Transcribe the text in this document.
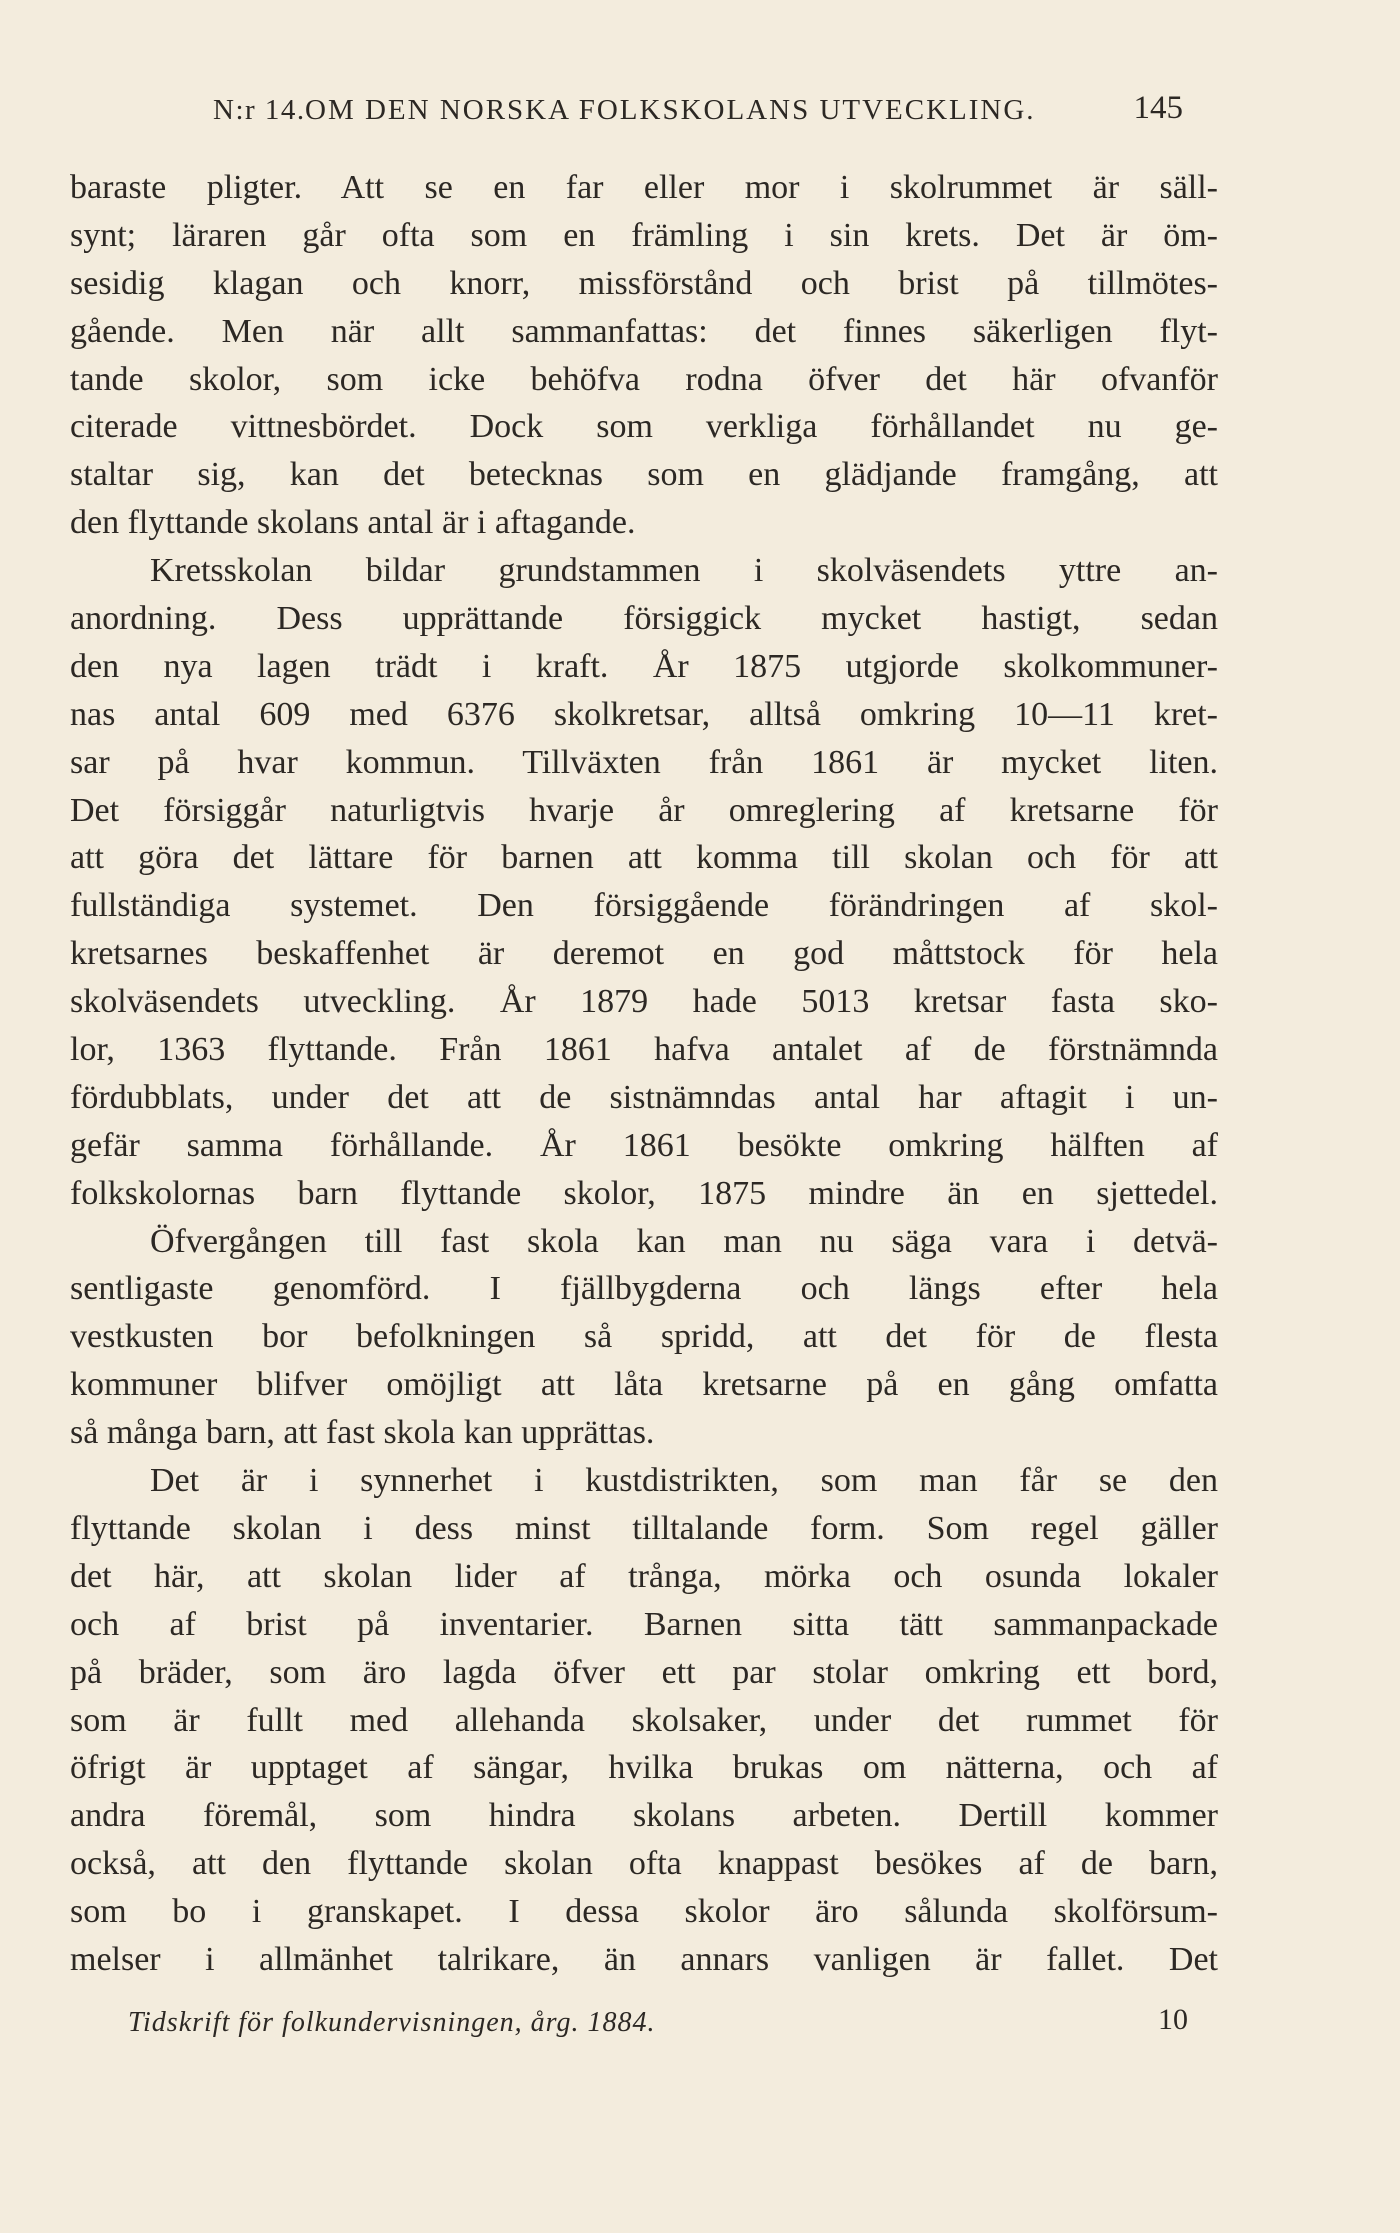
N:r 14. OM DEN NORSKA FOLKSKOLANS UTVECKLING.	145
baraste pligter. Att se en far eller mor i skolrummet är säll-
synt; läraren går ofta som en främling i sin krets. Det är öm-
sesidig klagan och knorr, missförstånd och brist på tillmötes-
gående. Men när allt sammanfattas: det finnes säkerligen flyt-
tande skolor, som icke behöfva rodna öfver det här ofvanför
citerade vittnesbördet. Dock som verkliga förhållandet nu ge-
staltar sig, kan det betecknas som en glädjande framgång, att
den flyttande skolans antal är i aftagande.
Kretsskolan bildar grundstammen i skolväsendets yttre an-
anordning. Dess upprättande försiggick mycket hastigt, sedan
den nya lagen trädt i kraft. År 1875 utgjorde skolkommuner-
nas antal 609 med 6376 skolkretsar, alltså omkring 10—11 kret-
sar på hvar kommun. Tillväxten från 1861 är mycket liten.
Det försiggår naturligtvis hvarje år omreglering af kretsarne för
att göra det lättare för barnen att komma till skolan och för att
fullständiga systemet. Den försiggående förändringen af skol-
kretsarnes beskaffenhet är deremot en god måttstock för hela
skolväsendets utveckling. År 1879 hade 5013 kretsar fasta sko-
lor, 1363 flyttande. Från 1861 hafva antalet af de förstnämnda
fördubblats, under det att de sistnämndas antal har aftagit i un-
gefär samma förhållande. År 1861 besökte omkring hälften af
folkskolornas barn flyttande skolor, 1875 mindre än en sjettedel.
Öfvergången till fast skola kan man nu säga vara i detvä-
sentligaste genomförd. I fjällbygderna och längs efter hela
vestkusten bor befolkningen så spridd, att det för de flesta
kommuner blifver omöjligt att låta kretsarne på en gång omfatta
så många barn, att fast skola kan upprättas.
Det är i synnerhet i kustdistrikten, som man får se den
flyttande skolan i dess minst tilltalande form. Som regel gäller
det här, att skolan lider af trånga, mörka och osunda lokaler
och af brist på inventarier. Barnen sitta tätt sammanpackade
på bräder, som äro lagda öfver ett par stolar omkring ett bord,
som är fullt med allehanda skolsaker, under det rummet för
öfrigt är upptaget af sängar, hvilka brukas om nätterna, och af
andra föremål, som hindra skolans arbeten. Dertill kommer
också, att den flyttande skolan ofta knappast besökes af de barn,
som bo i granskapet. I dessa skolor äro sålunda skolförsum-
melser i allmänhet talrikare, än annars vanligen är fallet. Det
Tidskrift för folkundervisningen, årg. 1884.	10
